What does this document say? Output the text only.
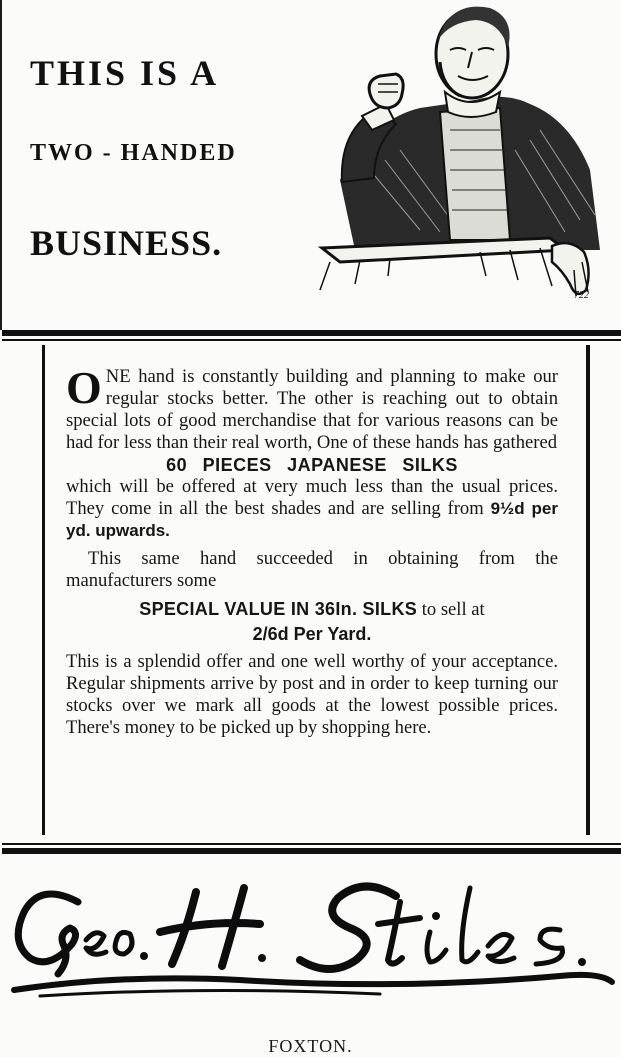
THIS IS A
TWO - HANDED
BUSINESS.
722

ONE hand is constantly building and planning to make our regular stocks better. The other is reaching out to obtain special lots of good merchandise that for various reasons can be had for less than their real worth, One of these hands has gathered

60 PIECES JAPANESE SILKS

which will be offered at very much less than the usual prices. They come in all the best shades and are selling from 9½d per yd. upwards.

This same hand succeeded in obtaining from the manufacturers some

SPECIAL VALUE IN 36In. SILKS to sell at
2/6d Per Yard.

This is a splendid offer and one well worthy of your acceptance. Regular shipments arrive by post and in order to keep turning our stocks over we mark all goods at the lowest possible prices. There's money to be picked up by shopping here.

FOXTON.
